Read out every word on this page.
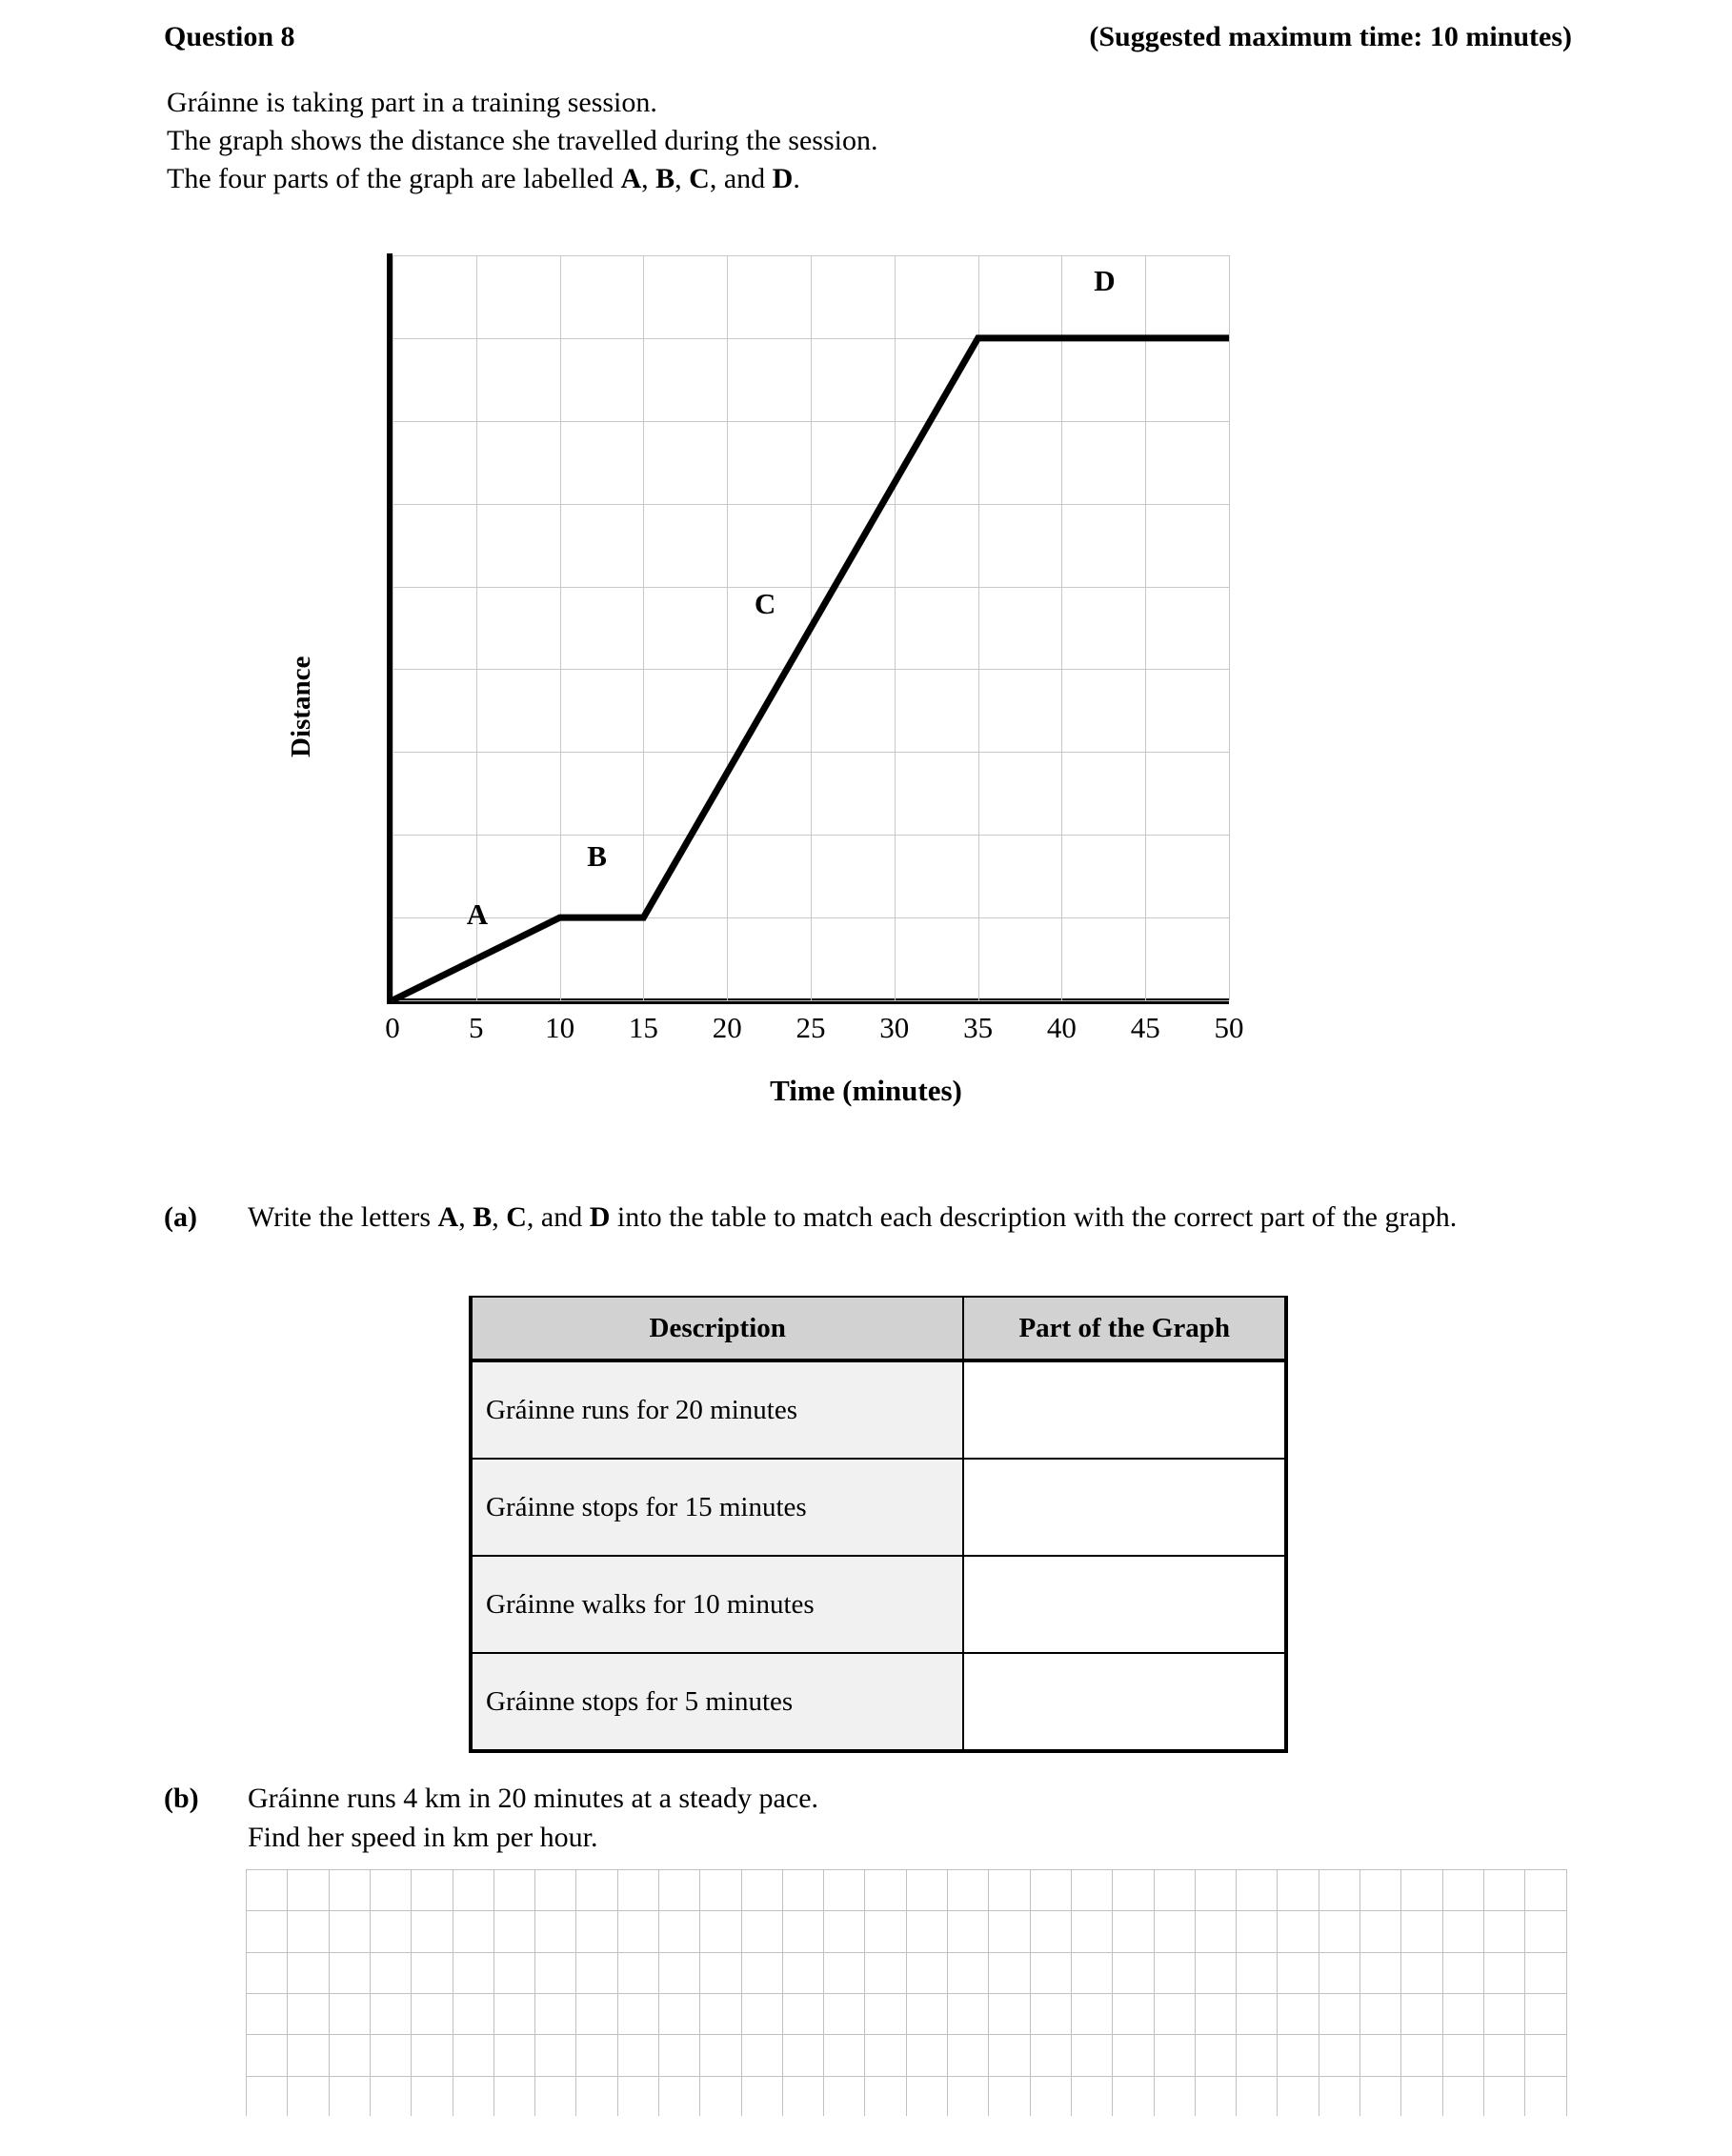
Question 8	(Suggested maximum time: 10 minutes)
Gráinne is taking part in a training session.
The graph shows the distance she travelled during the session.
The four parts of the graph are labelled A, B, C, and D.
Distance
A
B
C
D
0 5 10 15 20 25 30 35 40 45 50
Time (minutes)
(a) Write the letters A, B, C, and D into the table to match each description with the correct part of the graph.
Description	Part of the Graph
Gráinne runs for 20 minutes	
Gráinne stops for 15 minutes	
Gráinne walks for 10 minutes	
Gráinne stops for 5 minutes	
(b) Gráinne runs 4 km in 20 minutes at a steady pace.
Find her speed in km per hour.
